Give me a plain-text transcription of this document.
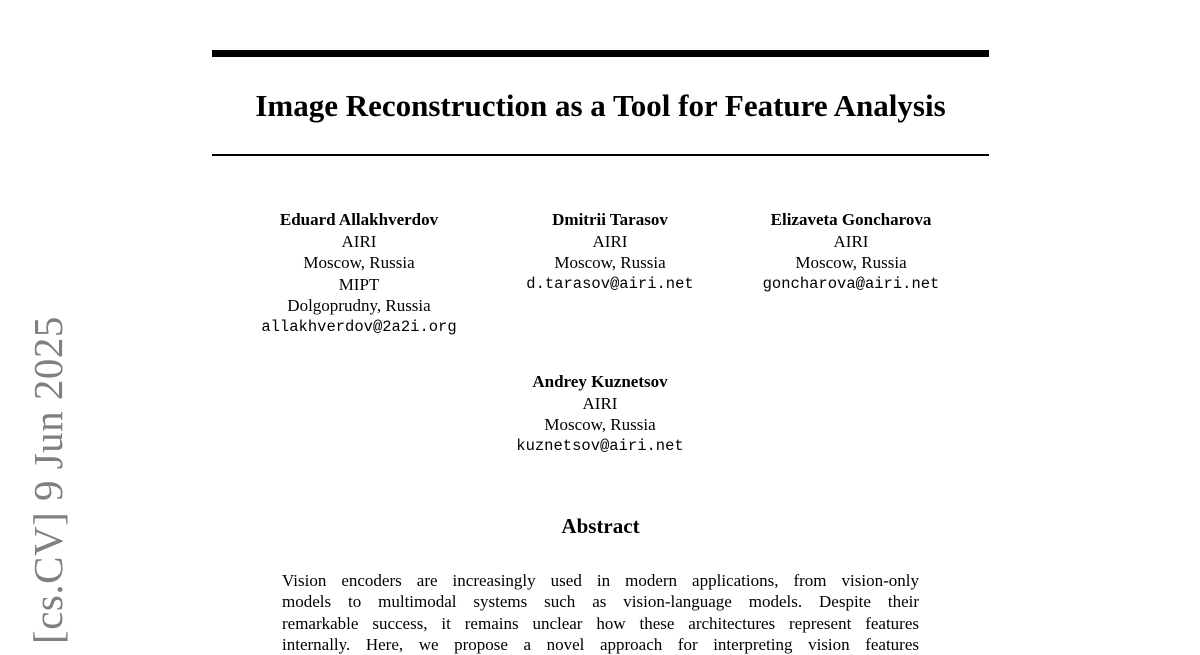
Image Reconstruction as a Tool for Feature Analysis
Eduard Allakhverdov
AIRI
Moscow, Russia
MIPT
Dolgoprudny, Russia
allakhverdov@2a2i.org
Dmitrii Tarasov
AIRI
Moscow, Russia
d.tarasov@airi.net
Elizaveta Goncharova
AIRI
Moscow, Russia
goncharova@airi.net
Andrey Kuznetsov
AIRI
Moscow, Russia
kuznetsov@airi.net
Abstract

Vision encoders are increasingly used in modern applications, from vision-only
models to multimodal systems such as vision-language models. Despite their
remarkable success, it remains unclear how these architectures represent features
internally. Here, we propose a novel approach for interpreting vision features

[cs.CV] 9 Jun 2025
